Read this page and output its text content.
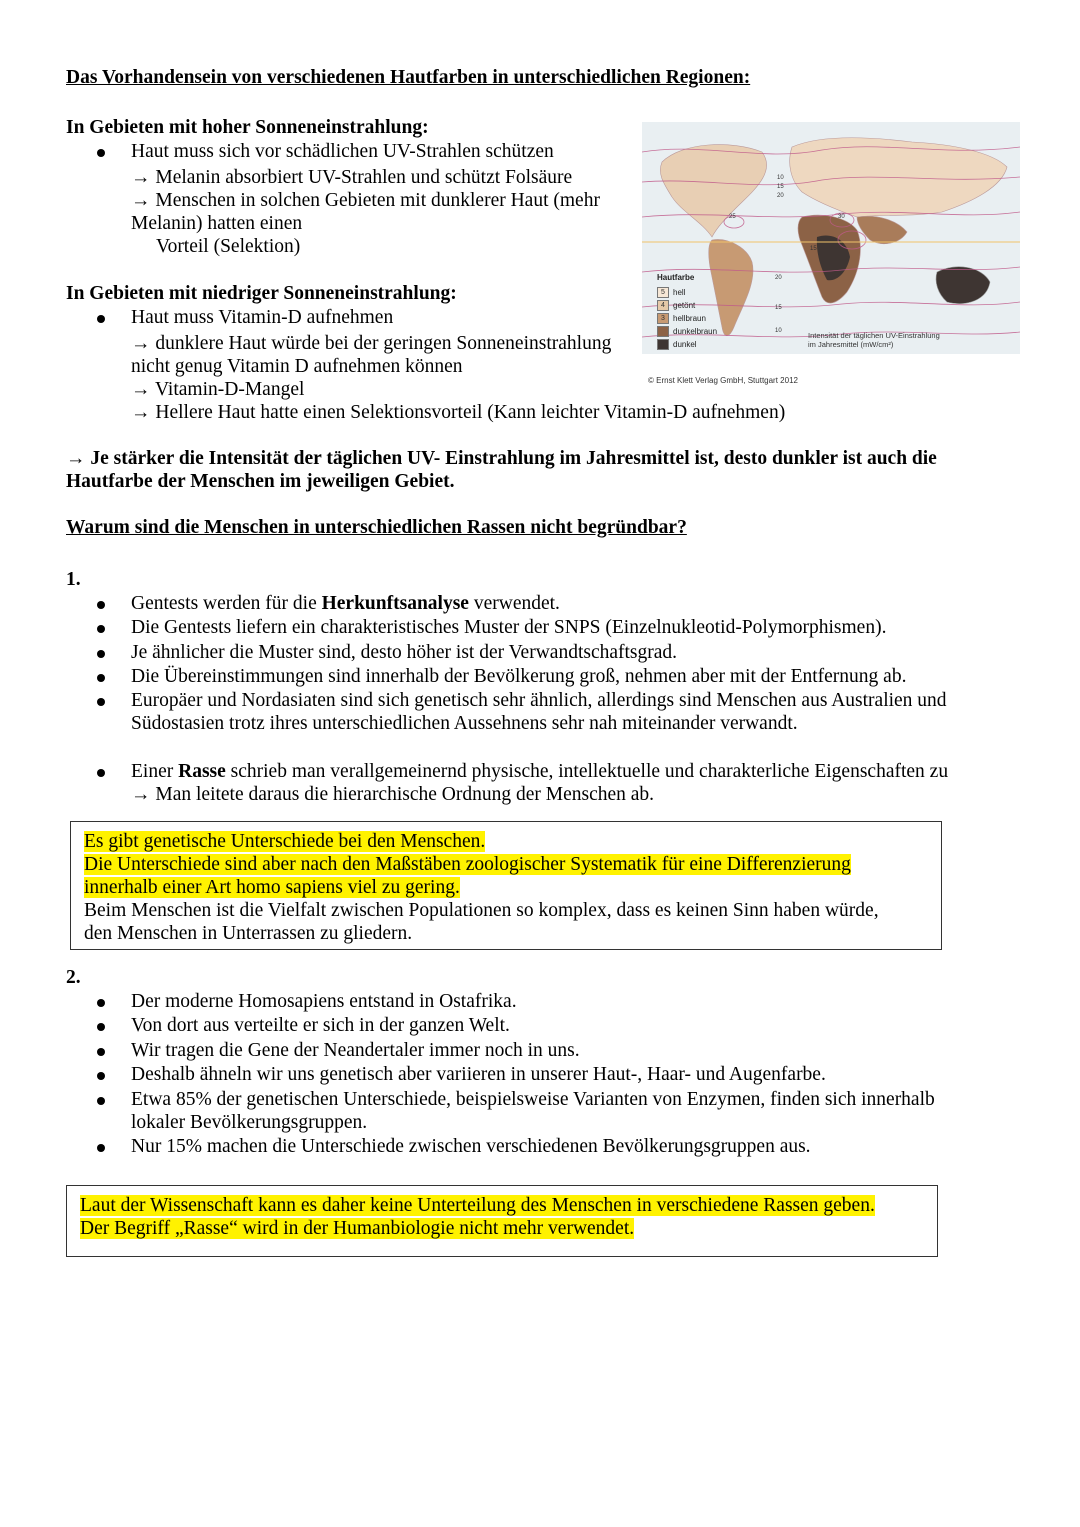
Das Vorhandensein von verschiedenen Hautfarben in unterschiedlichen Regionen:
In Gebieten mit hoher Sonneneinstrahlung:
Haut muss sich vor schädlichen UV-Strahlen schützen
→ Melanin absorbiert UV-Strahlen und schützt Folsäure
→ Menschen in solchen Gebieten mit dunklerer Haut (mehr
Melanin) hatten einen
Vorteil (Selektion)
In Gebieten mit niedriger Sonneneinstrahlung:
Haut muss Vitamin-D aufnehmen
→ dunklere Haut würde bei der geringen Sonneneinstrahlung
nicht genug Vitamin D aufnehmen können
→ Vitamin-D-Mangel
→ Hellere Haut hatte einen Selektionsvorteil (Kann leichter Vitamin-D aufnehmen)
10
15
20
25	30
15
20
15
10
Hautfarbe
5	hell
4	getönt
3	hellbraun
dunkelbraun
dunkel
Intensität der täglichen UV-Einstrahlung
im Jahresmittel (mW/cm²)
© Ernst Klett Verlag GmbH, Stuttgart 2012
→ Je stärker die Intensität der täglichen UV- Einstrahlung im Jahresmittel ist, desto dunkler ist auch die
Hautfarbe der Menschen im jeweiligen Gebiet.
Warum sind die Menschen in unterschiedlichen Rassen nicht begründbar?
1.
Gentests werden für die Herkunftsanalyse verwendet.
Die Gentests liefern ein charakteristisches Muster der SNPS (Einzelnukleotid-Polymorphismen).
Je ähnlicher die Muster sind, desto höher ist der Verwandtschaftsgrad.
Die Übereinstimmungen sind innerhalb der Bevölkerung groß, nehmen aber mit der Entfernung ab.
Europäer und Nordasiaten sind sich genetisch sehr ähnlich, allerdings sind Menschen aus Australien und
Südostasien trotz ihres unterschiedlichen Aussehnens sehr nah miteinander verwandt.
Einer Rasse schrieb man verallgemeinernd physische, intellektuelle und charakterliche Eigenschaften zu
→ Man leitete daraus die hierarchische Ordnung der Menschen ab.
Es gibt genetische Unterschiede bei den Menschen.
Die Unterschiede sind aber nach den Maßstäben zoologischer Systematik für eine Differenzierung
innerhalb einer Art homo sapiens viel zu gering.
Beim Menschen ist die Vielfalt zwischen Populationen so komplex, dass es keinen Sinn haben würde,
den Menschen in Unterrassen zu gliedern.
2.
Der moderne Homosapiens entstand in Ostafrika.
Von dort aus verteilte er sich in der ganzen Welt.
Wir tragen die Gene der Neandertaler immer noch in uns.
Deshalb ähneln wir uns genetisch aber variieren in unserer Haut-, Haar- und Augenfarbe.
Etwa 85% der genetischen Unterschiede, beispielsweise Varianten von Enzymen, finden sich innerhalb
lokaler Bevölkerungsgruppen.
Nur 15% machen die Unterschiede zwischen verschiedenen Bevölkerungsgruppen aus.
Laut der Wissenschaft kann es daher keine Unterteilung des Menschen in verschiedene Rassen geben.
Der Begriff „Rasse“ wird in der Humanbiologie nicht mehr verwendet.
